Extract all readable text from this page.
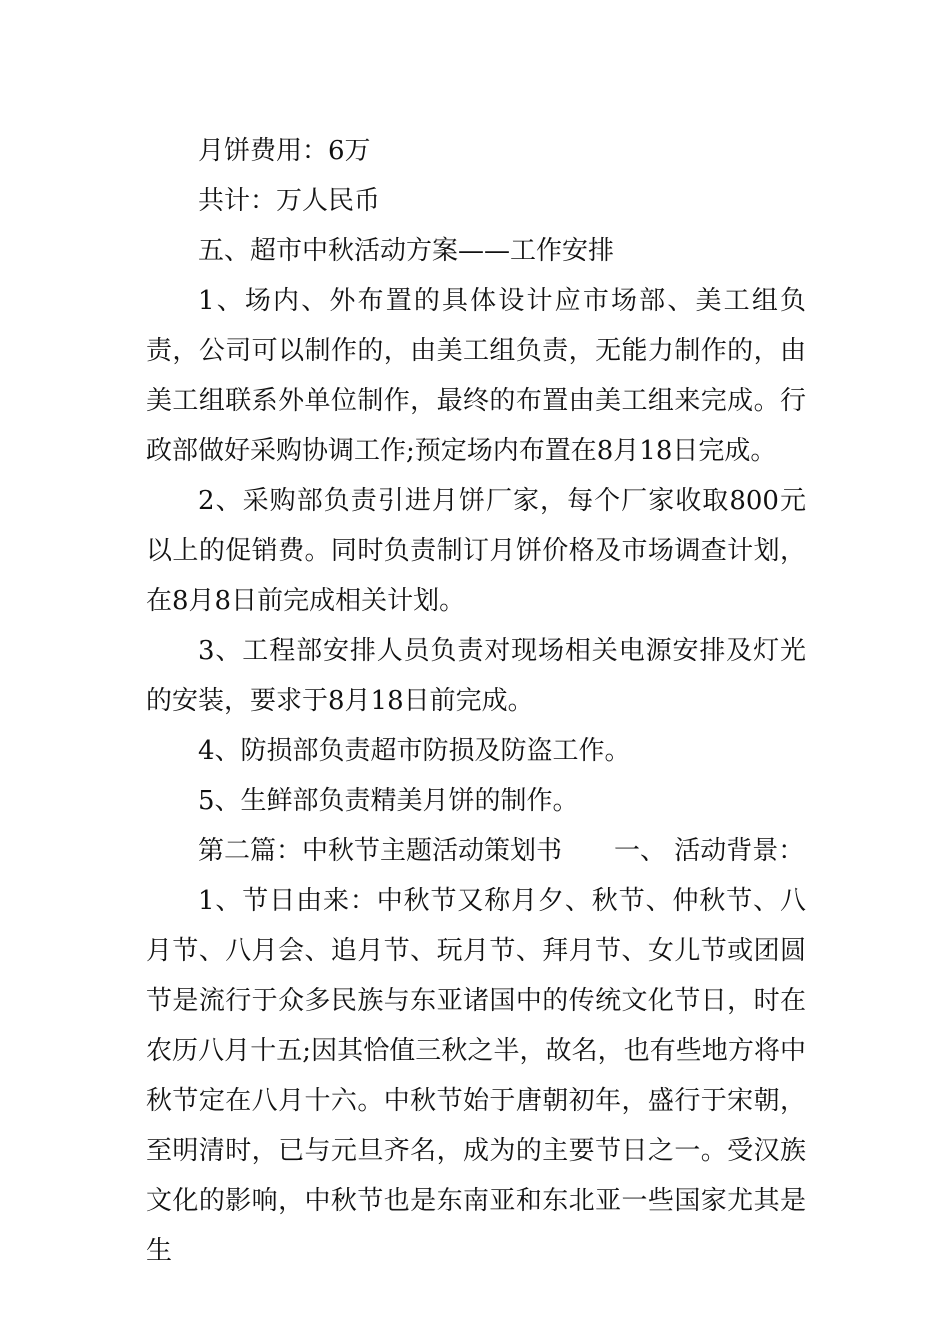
月饼费用：6万

共计：万人民币

五、超市中秋活动方案——工作安排

1、场内、外布置的具体设计应市场部、美工组负责，公司可以制作的，由美工组负责，无能力制作的，由美工组联系外单位制作，最终的布置由美工组来完成。行政部做好采购协调工作;预定场内布置在8月18日完成。

2、采购部负责引进月饼厂家，每个厂家收取800元以上的促销费。同时负责制订月饼价格及市场调查计划，在8月8日前完成相关计划。

3、工程部安排人员负责对现场相关电源安排及灯光的安装，要求于8月18日前完成。

4、防损部负责超市防损及防盗工作。

5、生鲜部负责精美月饼的制作。

第二篇：中秋节主题活动策划书 一、 活动背景：

1、节日由来：中秋节又称月夕、秋节、仲秋节、八月节、八月会、追月节、玩月节、拜月节、女儿节或团圆节是流行于众多民族与东亚诸国中的传统文化节日，时在农历八月十五;因其恰值三秋之半，故名，也有些地方将中秋节定在八月十六。中秋节始于唐朝初年，盛行于宋朝，至明清时，已与元旦齐名，成为的主要节日之一。受汉族文化的影响，中秋节也是东南亚和东北亚一些国家尤其是生
